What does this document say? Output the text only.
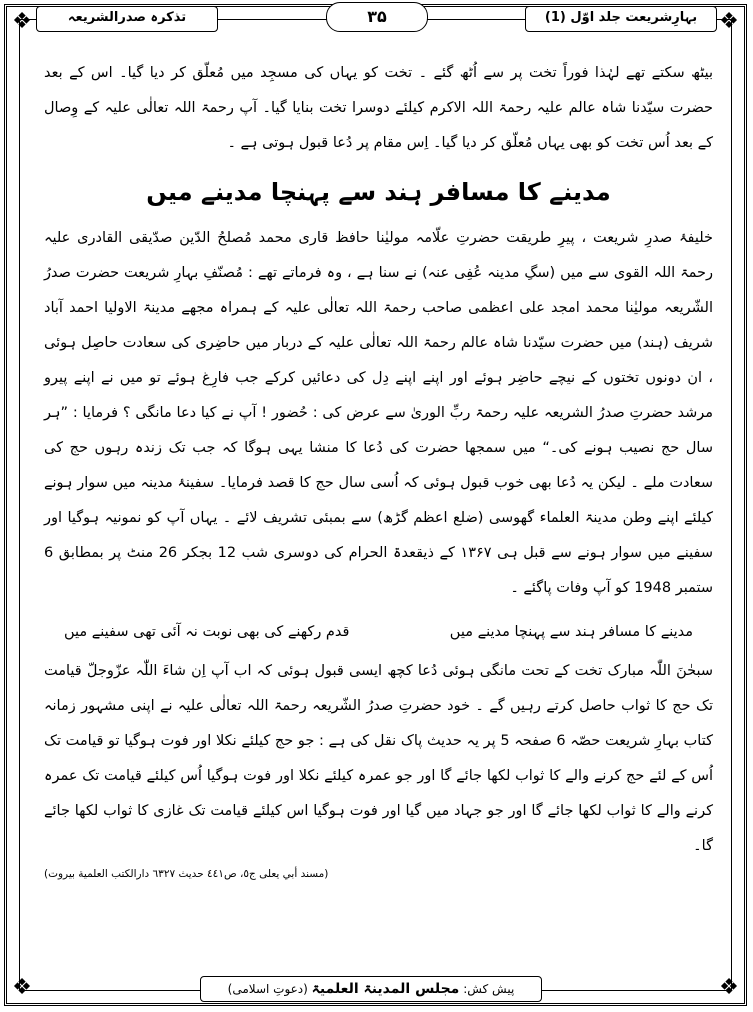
❖	❖
❖	❖
بہارِشریعت جلد اوّل (1)
۳۵
تذکرہ صدرالشریعہ

بیٹھ سکتے تھے لہٰذا فوراً تخت پر سے اُٹھ گئے ۔ تخت کو یہاں کی مسجِد میں مُعلّق کر دیا گیا۔ اس کے بعد حضرت سیّدنا شاہ عالم علیہ رحمۃ اللہ الاکرم کیلئے دوسرا تخت بنایا گیا۔ آپ رحمۃ اللہ تعالٰی علیہ کے وِصال کے بعد اُس تخت کو بھی یہاں مُعلّق کر دیا گیا۔ اِس مقام پر دُعا قبول ہوتی ہے ۔

مدینے کا مسافر ہند سے پہنچا مدینے میں

خلیفۂ صدرِ شریعت ، پیرِ طریقت حضرتِ علّامہ مولیٰنا حافظ قاری محمد مُصلحُ الدّین صدّیقی القادری علیہ رحمۃ اللہ القوی سے میں (سگِ مدینہ عُفِی عنہ) نے سنا ہے ، وہ فرماتے تھے : مُصنّفِ بہارِ شریعت حضرت صدرُ الشّریعہ مولیٰنا محمد امجد علی اعظمی صاحب رحمۃ اللہ تعالٰی علیہ کے ہمراہ مجھے مدینۃ الاولیا احمد آباد شریف (ہند) میں حضرت سیّدنا شاہ عالم رحمۃ اللہ تعالٰی علیہ کے دربار میں حاضِری کی سعادت حاصِل ہوئی ، ان دونوں تختوں کے نیچے حاضِر ہوئے اور اپنے اپنے دِل کی دعائیں کرکے جب فارِغ ہوئے تو میں نے اپنے پیرو مرشد حضرتِ صدرُ الشریعہ علیہ رحمۃ ربِّ الوریٰ سے عرض کی : حُضور ! آپ نے کیا دعا مانگی ؟ فرمایا : ”ہر سال حج نصیب ہونے کی۔“ میں سمجھا حضرت کی دُعا کا منشا یہی ہوگا کہ جب تک زندہ رہوں حج کی سعادت ملے ۔ لیکن یہ دُعا بھی خوب قبول ہوئی کہ اُسی سال حج کا قصد فرمایا۔ سفینۂ مدینہ میں سوار ہونے کیلئے اپنے وطن مدینۃ العلماء گھوسی (ضلع اعظم گڑھ) سے بمبئی تشریف لائے ۔ یہاں آپ کو نمونیہ ہوگیا اور سفینے میں سوار ہونے سے قبل ہی ۱۳۶۷ کے ذیقعدۃ الحرام کی دوسری شب 12 بجکر 26 منٹ پر بمطابق 6 ستمبر 1948 کو آپ وفات پاگئے ۔

مدینے کا مسافر ہند سے پہنچا مدینے میں
قدم رکھنے کی بھی نوبت نہ آئی تھی سفینے میں

سبحٰنَ اللّٰہ مبارک تخت کے تحت مانگی ہوئی دُعا کچھ ایسی قبول ہوئی کہ اب آپ اِن شاءَ اللّٰہ عزّوجلّ قیامت تک حج کا ثواب حاصل کرتے رہیں گے ۔ خود حضرتِ صدرُ الشّریعہ رحمۃ اللہ تعالٰی علیہ نے اپنی مشہور زمانہ کتاب بہارِ شریعت حصّہ 6 صفحہ 5 پر یہ حدیث پاک نقل کی ہے : جو حج کیلئے نکلا اور فوت ہوگیا تو قیامت تک اُس کے لئے حج کرنے والے کا ثواب لکھا جائے گا اور جو عمرہ کیلئے نکلا اور فوت ہوگیا اُس کیلئے قیامت تک عمرہ کرنے والے کا ثواب لکھا جائے گا اور جو جہاد میں گیا اور فوت ہوگیا اس کیلئے قیامت تک غازی کا ثواب لکھا جائے گا۔

(مسند أبي يعلى ج٥، ص٤٤١ حديث ٦٣٢٧ دارالكتب العلمية بيروت)
پیش کش: مجلس المدینۃ العلمیۃ (دعوتِ اسلامی)
